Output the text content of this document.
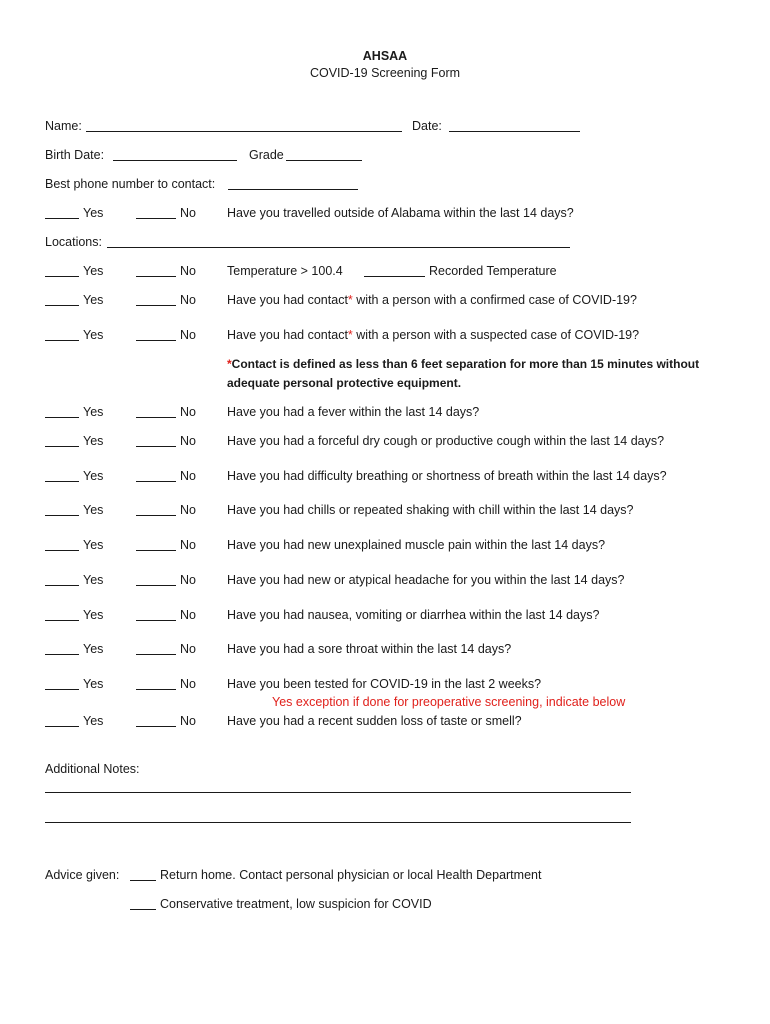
AHSAA
COVID-19 Screening Form
Name:	Date:
Birth Date:	Grade
Best phone number to contact:
Yes	No Have you travelled outside of Alabama within the last 14 days?
Locations:
Yes	No Temperature > 100.4	Recorded Temperature
Yes	No Have you had contact* with a person with a confirmed case of COVID-19?
Yes	No Have you had contact* with a person with a suspected case of COVID-19?
*Contact is defined as less than 6 feet separation for more than 15 minutes without
adequate personal protective equipment.
Yes	No Have you had a fever within the last 14 days?
Yes	No Have you had a forceful dry cough or productive cough within the last 14 days?
Yes	No Have you had difficulty breathing or shortness of breath within the last 14 days?
Yes	No Have you had chills or repeated shaking with chill within the last 14 days?
Yes	No Have you had new unexplained muscle pain within the last 14 days?
Yes	No Have you had new or atypical headache for you within the last 14 days?
Yes	No Have you had nausea, vomiting or diarrhea within the last 14 days?
Yes	No Have you had a sore throat within the last 14 days?
Yes	No Have you been tested for COVID-19 in the last 2 weeks?
Yes exception if done for preoperative screening, indicate below
Yes	No Have you had a recent sudden loss of taste or smell?
Additional Notes:
Advice given:	Return home. Contact personal physician or local Health Department
Conservative treatment, low suspicion for COVID
